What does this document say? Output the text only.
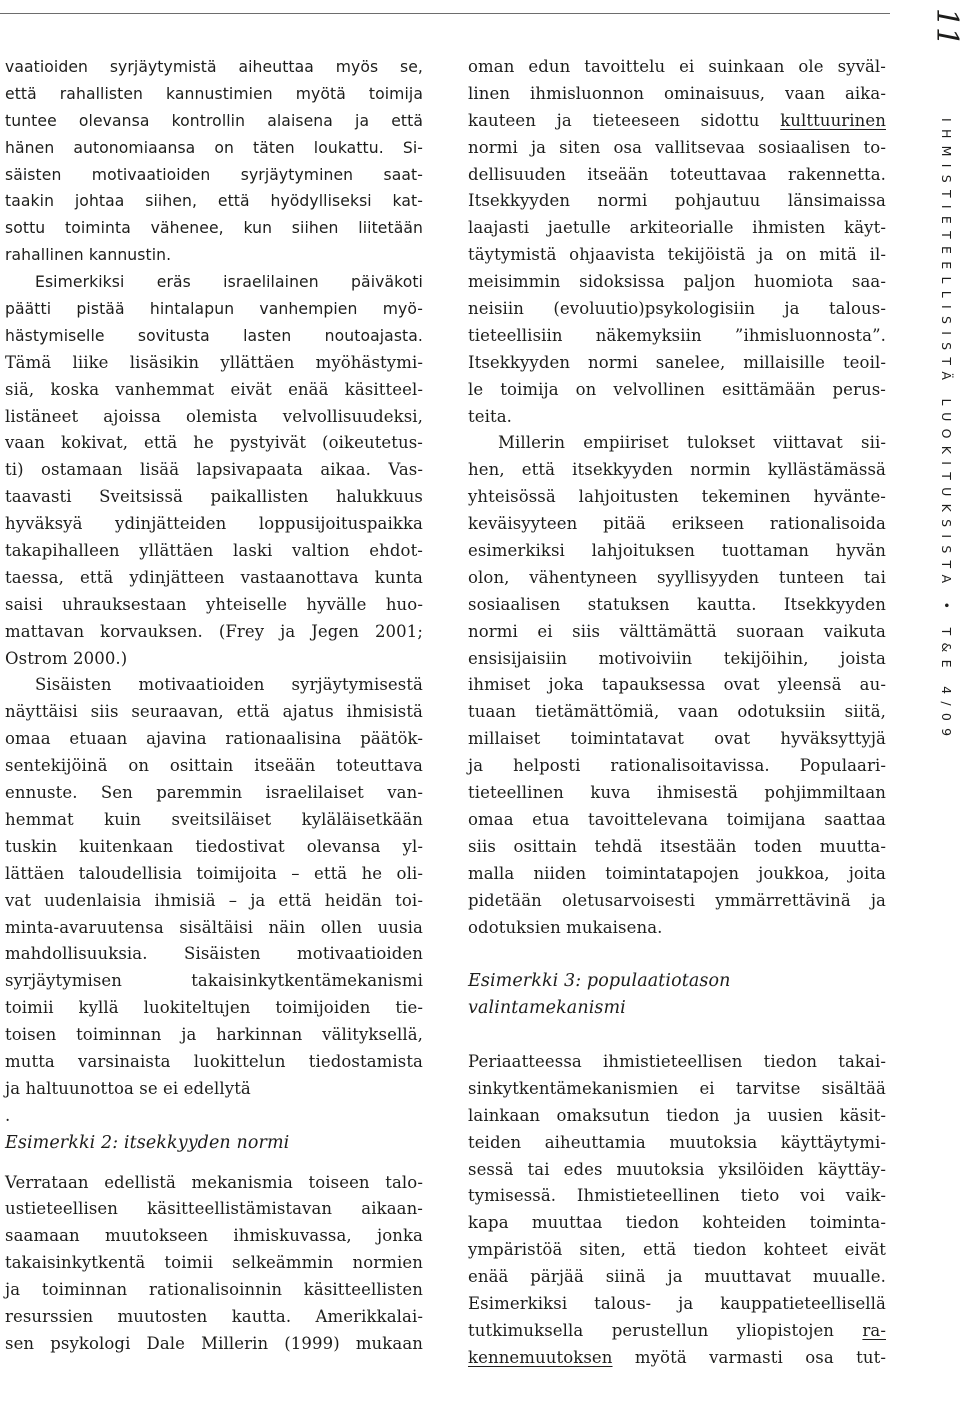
vaatioiden syrjäytymistä aiheuttaa myös se,
että rahallisten kannustimien myötä toimija
tuntee olevansa kontrollin alaisena ja että
hänen autonomiaansa on täten loukattu. Si-
säisten motivaatioiden syrjäytyminen saat-
taakin johtaa siihen, että hyödylliseksi kat-
sottu toiminta vähenee, kun siihen liitetään
rahallinen kannustin.
Esimerkiksi eräs israelilainen päiväkoti
päätti pistää hintalapun vanhempien myö-
hästymiselle sovitusta lasten noutoajasta.
Tämä liike lisäsikin yllättäen myöhästymi-
siä, koska vanhemmat eivät enää käsitteel-
listäneet ajoissa olemista velvollisuudeksi,
vaan kokivat, että he pystyivät (oikeutetus-
ti) ostamaan lisää lapsivapaata aikaa. Vas-
taavasti Sveitsissä paikallisten halukkuus
hyväksyä ydinjätteiden loppusijoituspaikka
takapihalleen yllättäen laski valtion ehdot-
taessa, että ydinjätteen vastaanottava kunta
saisi uhrauksestaan yhteiselle hyvälle huo-
mattavan korvauksen. (Frey ja Jegen 2001;
Ostrom 2000.)
Sisäisten motivaatioiden syrjäytymisestä
näyttäisi siis seuraavan, että ajatus ihmisistä
omaa etuaan ajavina rationaalisina päätök-
sentekijöinä on osittain itseään toteuttava
ennuste. Sen paremmin israelilaiset van-
hemmat kuin sveitsiläiset kyläläisetkään
tuskin kuitenkaan tiedostivat olevansa yl-
lättäen taloudellisia toimijoita – että he oli-
vat uudenlaisia ihmisiä – ja että heidän toi-
minta-avaruutensa sisältäisi näin ollen uusia
mahdollisuuksia. Sisäisten motivaatioiden
syrjäytymisen takaisinkytkentämekanismi
toimii kyllä luokiteltujen toimijoiden tie-
toisen toiminnan ja harkinnan välityksellä,
mutta varsinaista luokittelun tiedostamista
ja haltuunottoa se ei edellytä
.
Esimerkki 2: itsekkyyden normi
Verrataan edellistä mekanismia toiseen talo-
ustieteellisen käsitteellistämistavan aikaan-
saamaan muutokseen ihmiskuvassa, jonka
takaisinkytkentä toimii selkeämmin normien
ja toiminnan rationalisoinnin käsitteellisten
resurssien muutosten kautta. Amerikkalai-
sen psykologi Dale Millerin (1999) mukaan
oman edun tavoittelu ei suinkaan ole syväl-
linen ihmisluonnon ominaisuus, vaan aika-
kauteen ja tieteeseen sidottu kulttuurinen
normi ja siten osa vallitsevaa sosiaalisen to-
dellisuuden itseään toteuttavaa rakennetta.
Itsekkyyden normi pohjautuu länsimaissa
laajasti jaetulle arkiteorialle ihmisten käyt-
täytymistä ohjaavista tekijöistä ja on mitä il-
meisimmin sidoksissa paljon huomiota saa-
neisiin (evoluutio)psykologisiin ja talous-
tieteellisiin näkemyksiin ”ihmisluonnosta”.
Itsekkyyden normi sanelee, millaisille teoil-
le toimija on velvollinen esittämään perus-
teita.
Millerin empiiriset tulokset viittavat sii-
hen, että itsekkyyden normin kyllästämässä
yhteisössä lahjoitusten tekeminen hyvänte-
keväisyyteen pitää erikseen rationalisoida
esimerkiksi lahjoituksen tuottaman hyvän
olon, vähentyneen syyllisyyden tunteen tai
sosiaalisen statuksen kautta. Itsekkyyden
normi ei siis välttämättä suoraan vaikuta
ensisijaisiin motivoiviin tekijöihin, joista
ihmiset joka tapauksessa ovat yleensä au-
tuaan tietämättömiä, vaan odotuksiin siitä,
millaiset toimintatavat ovat hyväksyttyjä
ja helposti rationalisoitavissa. Populaari-
tieteellinen kuva ihmisestä pohjimmiltaan
omaa etua tavoittelevana toimijana saattaa
siis osittain tehdä itsestään toden muutta-
malla niiden toimintatapojen joukkoa, joita
pidetään oletusarvoisesti ymmärrettävinä ja
odotuksien mukaisena.
Esimerkki 3: populaatiotason
valintamekanismi
Periaatteessa ihmistieteellisen tiedon takai-
sinkytkentämekanismien ei tarvitse sisältää
lainkaan omaksutun tiedon ja uusien käsit-
teiden aiheuttamia muutoksia käyttäytymi-
sessä tai edes muutoksia yksilöiden käyttäy-
tymisessä. Ihmistieteellinen tieto voi vaik-
kapa muuttaa tiedon kohteiden toiminta-
ympäristöä siten, että tiedon kohteet eivät
enää pärjää siinä ja muuttavat muualle.
Esimerkiksi talous- ja kauppatieteellisellä
tutkimuksella perustellun yliopistojen ra-
kennemuutoksen myötä varmasti osa tut-
11
IHMISTIETEELLISISTÄ LUOKITUKSISTA • T&E 4/09
